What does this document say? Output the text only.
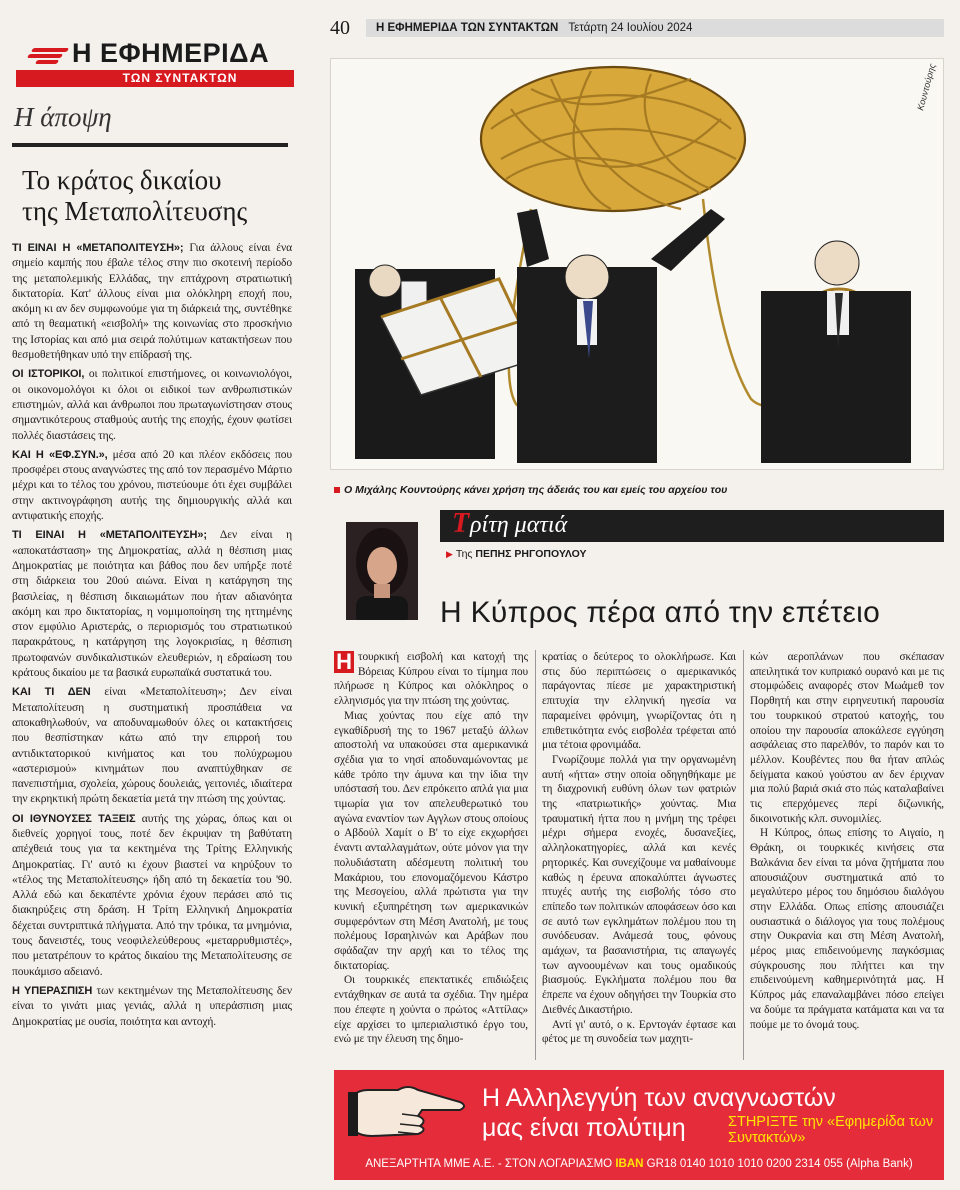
Η ΕΦΗΜΕΡΙΔΑ
ΤΩΝ ΣΥΝΤΑΚΤΩΝ
Η άποψη
Το κράτος δικαίου
της Μεταπολίτευσης

ΤΙ ΕΙΝΑΙ Η «ΜΕΤΑΠΟΛΙΤΕΥΣΗ»; Για άλλους είναι ένα σημείο καμπής που έβαλε τέλος στην πιο σκοτεινή περίοδο της μεταπολεμικής Ελλάδας, την επτάχρονη στρατιωτική δικτατορία. Κατ' άλλους είναι μια ολόκληρη εποχή που, ακόμη κι αν δεν συμφωνούμε για τη διάρκειά της, συντέθηκε από τη θεαματική «εισβολή» της κοινωνίας στο προσκήνιο της Ιστορίας και από μια σειρά πολύτιμων κατακτήσεων που θεσμοθετήθηκαν υπό την επίδρασή της.

ΟΙ ΙΣΤΟΡΙΚΟΙ, οι πολιτικοί επιστήμονες, οι κοινωνιολόγοι, οι οικονομολόγοι κι όλοι οι ειδικοί των ανθρωπιστικών επιστημών, αλλά και άνθρωποι που πρωταγωνίστησαν στους σημαντικότερους σταθμούς αυτής της εποχής, έχουν φωτίσει πολλές διαστάσεις της.

ΚΑΙ Η «ΕΦ.ΣΥΝ.», μέσα από 20 και πλέον εκδόσεις που προσφέρει στους αναγνώστες της από τον περασμένο Μάρτιο μέχρι και το τέλος του χρόνου, πιστεύουμε ότι έχει συμβάλει στην ακτινογράφηση αυτής της δημιουργικής αλλά και αντιφατικής εποχής.

ΤΙ ΕΙΝΑΙ Η «ΜΕΤΑΠΟΛΙΤΕΥΣΗ»; Δεν είναι η «αποκατάσταση» της Δημοκρατίας, αλλά η θέσπιση μιας Δημοκρατίας με ποιότητα και βάθος που δεν υπήρξε ποτέ στη διάρκεια του 20ού αιώνα. Είναι η κατάργηση της βασιλείας, η θέσπιση δικαιωμάτων που ήταν αδιανόητα ακόμη και προ δικτατορίας, η νομιμοποίηση της ηττημένης στον εμφύλιο Αριστεράς, ο περιορισμός του στρατιωτικού παρακράτους, η κατάργηση της λογοκρισίας, η θέσπιση πρωτοφανών συνδικαλιστικών ελευθεριών, η εδραίωση του κράτους δικαίου με τα βασικά ευρωπαϊκά συστατικά του.

ΚΑΙ ΤΙ ΔΕΝ είναι «Μεταπολίτευση»; Δεν είναι Μεταπολίτευση η συστηματική προσπάθεια να αποκαθηλωθούν, να αποδυναμωθούν όλες οι κατακτήσεις που θεσπίστηκαν κάτω από την επιρροή του αντιδικτατορικού κινήματος και του πολύχρωμου «αστερισμού» κινημάτων που αναπτύχθηκαν σε πανεπιστήμια, σχολεία, χώρους δουλειάς, γειτονιές, ιδιαίτερα την εκρηκτική πρώτη δεκαετία μετά την πτώση της χούντας.

ΟΙ ΙΘΥΝΟΥΣΕΣ ΤΑΞΕΙΣ αυτής της χώρας, όπως και οι διεθνείς χορηγοί τους, ποτέ δεν έκρυψαν τη βαθύτατη απέχθειά τους για τα κεκτημένα της Τρίτης Ελληνικής Δημοκρατίας. Γι' αυτό κι έχουν βιαστεί να κηρύξουν το «τέλος της Μεταπολίτευσης» ήδη από τη δεκαετία του '90. Αλλά εδώ και δεκαπέντε χρόνια έχουν περάσει από τις διακηρύξεις στη δράση. Η Τρίτη Ελληνική Δημοκρατία δέχεται συντριπτικά πλήγματα. Από την τρόικα, τα μνημόνια, τους δανειστές, τους νεοφιλελεύθερους «μεταρρυθμιστές», που μετατρέπουν το κράτος δικαίου της Μεταπολίτευσης σε πουκάμισο αδειανό.

Η ΥΠΕΡΑΣΠΙΣΗ των κεκτημένων της Μεταπολίτευσης δεν είναι το γινάτι μιας γενιάς, αλλά η υπεράσπιση μιας Δημοκρατίας με ουσία, ποιότητα και αντοχή.

40	Η ΕΦΗΜΕΡΙΔΑ ΤΩΝ ΣΥΝΤΑΚΤΩΝ Τετάρτη 24 Ιουλίου 2024
Κουντούρης
Ο Μιχάλης Κουντούρης κάνει χρήση της άδειάς του και εμείς του αρχείου του
Τ ρίτη ματιά
▶ Της ΠΕΠΗΣ ΡΗΓΟΠΟΥΛΟΥ
Η Κύπρος πέρα από την επέτειο

Η τουρκική εισβολή και κατοχή της Βόρειας Κύπρου είναι το τίμημα που πλήρωσε η Κύπρος και ολόκληρος ο ελληνισμός για την πτώση της χούντας.

Μιας χούντας που είχε από την εγκαθίδρυσή της το 1967 μεταξύ άλλων αποστολή να υπακούσει στα αμερικανικά σχέδια για το νησί αποδυναμώνοντας με κάθε τρόπο την άμυνα και την ίδια την υπόστασή του. Δεν επρόκειτο απλά για μια τιμωρία για τον απελευθερωτικό του αγώνα εναντίον των Αγγλων στους οποίους ο Αβδούλ Χαμίτ ο Β' το είχε εκχωρήσει έναντι ανταλλαγμάτων, ούτε μόνον για την πολυδιάστατη αδέσμευτη πολιτική του Μακάριου, του επονομαζόμενου Κάστρο της Μεσογείου, αλλά πρώτιστα για την κυνική εξυπηρέτηση των αμερικανικών συμφερόντων στη Μέση Ανατολή, με τους πολέμους Ισραηλινών και Αράβων που σφάδαζαν την αρχή και το τέλος της δικτατορίας.

Οι τουρκικές επεκτατικές επιδιώξεις εντάχθηκαν σε αυτά τα σχέδια. Την ημέρα που έπεφτε η χούντα ο πρώτος «Αττίλας» είχε αρχίσει το ιμπεριαλιστικό έργο του, ενώ με την έλευση της δημο-

κρατίας ο δεύτερος το ολοκλήρωσε. Και στις δύο περιπτώσεις ο αμερικανικός παράγοντας πίεσε με χαρακτηριστική επιτυχία την ελληνική ηγεσία να παραμείνει φρόνιμη, γνωρίζοντας ότι η επιθετικότητα ενός εισβολέα τρέφεται από μια τέτοια φρονιμάδα.

Γνωρίζουμε πολλά για την οργανωμένη αυτή «ήττα» στην οποία οδηγηθήκαμε με τη διαχρονική ευθύνη όλων των φατριών της «πατριωτικής» χούντας. Μια τραυματική ήττα που η μνήμη της τρέφει μέχρι σήμερα ενοχές, δυσανεξίες, αλληλοκατηγορίες, αλλά και κενές ρητορικές. Και συνεχίζουμε να μαθαίνουμε καθώς η έρευνα αποκαλύπτει άγνωστες πτυχές αυτής της εισβολής τόσο στο επίπεδο των πολιτικών αποφάσεων όσο και σε αυτό των εγκλημάτων πολέμου που τη συνόδευσαν. Ανάμεσά τους, φόνους αμάχων, τα βασανιστήρια, τις απαγωγές των αγνοουμένων και τους ομαδικούς βιασμούς. Εγκλήματα πολέμου που θα έπρεπε να έχουν οδηγήσει την Τουρκία στο Διεθνές Δικαστήριο.

Αντί γι' αυτό, ο κ. Ερντογάν έφτασε και φέτος με τη συνοδεία των μαχητι-

κών αεροπλάνων που σκέπασαν απειλητικά τον κυπριακό ουρανό και με τις στομφώδεις αναφορές στον Μωάμεθ τον Πορθητή και στην ειρηνευτική παρουσία του τουρκικού στρατού κατοχής, του οποίου την παρουσία αποκάλεσε εγγύηση ασφάλειας στο παρελθόν, το παρόν και το μέλλον. Κουβέντες που θα ήταν απλώς δείγματα κακού γούστου αν δεν έριχναν μια πολύ βαριά σκιά στο πώς καταλαβαίνει τις επερχόμενες περί διζωνικής, δικοινοτικής κλπ. συνομιλίες.

Η Κύπρος, όπως επίσης το Αιγαίο, η Θράκη, οι τουρκικές κινήσεις στα Βαλκάνια δεν είναι τα μόνα ζητήματα που απουσιάζουν συστηματικά από το μεγαλύτερο μέρος του δημόσιου διαλόγου στην Ελλάδα. Οπως επίσης απουσιάζει ουσιαστικά ο διάλογος για τους πολέμους στην Ουκρανία και στη Μέση Ανατολή, μέρος μιας επιδεινούμενης παγκόσμιας σύγκρουσης που πλήττει και την επιδεινούμενη καθημερινότητά μας. Η Κύπρος μάς επαναλαμβάνει πόσο επείγει να δούμε τα πράγματα κατάματα και να τα πούμε με το όνομά τους.

Η Αλληλεγγύη των αναγνωστών
μας είναι πολύτιμη	ΣΤΗΡΙΞΤΕ την «Εφημερίδα των Συντακτών»
ΑΝΕΞΑΡΤΗΤΑ ΜΜΕ Α.Ε. - ΣΤΟΝ ΛΟΓΑΡΙΑΣΜΟ IBAN GR18 0140 1010 1010 0200 2314 055 (Alpha Bank)
